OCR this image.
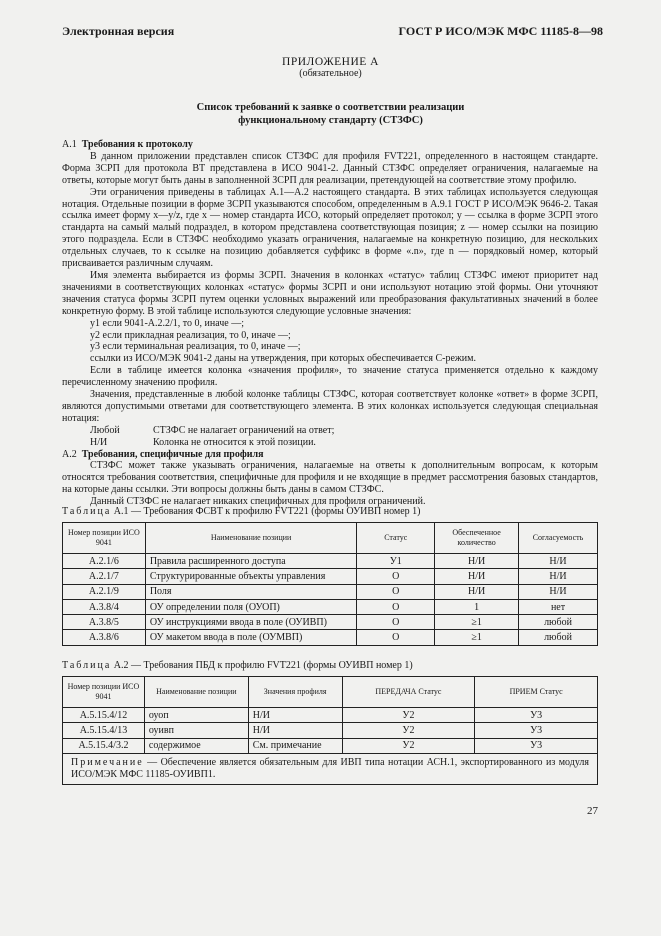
Электронная версия	ГОСТ Р ИСО/МЭК МФС 11185-8—98
ПРИЛОЖЕНИЕ А
(обязательное)
Список требований к заявке о соответствии реализации
функциональному стандарту (СТЗФС)

А.1 Требования к протоколу

В данном приложении представлен список СТЗФС для профиля FVT221, определенного в настоящем стандарте. Форма ЗСРП для протокола ВТ представлена в ИСО 9041-2. Данный СТЗФС определяет ограничения, налагаемые на ответы, которые могут быть даны в заполненной ЗСРП для реализации, претендующей на соответствие этому профилю.

Эти ограничения приведены в таблицах А.1—А.2 настоящего стандарта. В этих таблицах используется следующая нотация. Отдельные позиции в форме ЗСРП указываются способом, определенным в А.9.1 ГОСТ Р ИСО/МЭК 9646-2. Такая ссылка имеет форму x—y/z, где x — номер стандарта ИСО, который определяет протокол; y — ссылка в форме ЗСРП этого стандарта на самый малый подраздел, в котором представлена соответствующая позиция; z — номер ссылки на позицию этого подраздела. Если в СТЗФС необходимо указать ограничения, налагаемые на конкретную позицию, для нескольких отдельных случаев, то к ссылке на позицию добавляется суффикс в форме «.n», где n — порядковый номер, который присваивается различным случаям.

Имя элемента выбирается из формы ЗСРП. Значения в колонках «статус» таблиц СТЗФС имеют приоритет над значениями в соответствующих колонках «статус» формы ЗСРП и они используют нотацию этой формы. Они уточняют значения статуса формы ЗСРП путем оценки условных выражений или преобразования факультативных значений в более конкретную форму. В этой таблице используются следующие условные значения:

y1 если 9041-A.2.2/1, то 0, иначе —;

y2 если прикладная реализация, то 0, иначе —;

y3 если терминальная реализация, то 0, иначе —;

ссылки из ИСО/МЭК 9041-2 даны на утверждения, при которых обеспечивается С-режим.

Если в таблице имеется колонка «значения профиля», то значение статуса применяется отдельно к каждому перечисленному значению профиля.

Значения, представленные в любой колонке таблицы СТЗФС, которая соответствует колонке «ответ» в форме ЗСРП, являются допустимыми ответами для соответствующего элемента. В этих колонках используется следующая специальная нотация:

Любой	СТЗФС не налагает ограничений на ответ;
Н/И	Колонка не относится к этой позиции.

А.2 Требования, специфичные для профиля

СТЗФС может также указывать ограничения, налагаемые на ответы к дополнительным вопросам, к которым относятся требования соответствия, специфичные для профиля и не входящие в предмет рассмотрения базовых стандартов, на которые даны ссылки. Эти вопросы должны быть даны в самом СТЗФС.

Данный СТЗФС не налагает никаких специфичных для профиля ограничений.

Таблица А.1 — Требования ФСВТ к профилю FVT221 (формы ОУИВП номер 1)
Номер позиции ИСО 9041	Наименование позиции	Статус	Обеспеченное количество	Согласуемость
A.2.1/6	Правила расширенного доступа	У1	Н/И	Н/И
A.2.1/7	Структурированные объекты управления	О	Н/И	Н/И
A.2.1/9	Поля	О	Н/И	Н/И
A.3.8/4	ОУ определении поля (ОУОП)	О	1	нет
A.3.8/5	ОУ инструкциями ввода в поле (ОУИВП)	О	≥1	любой
A.3.8/6	ОУ макетом ввода в поле (ОУМВП)	О	≥1	любой
Таблица А.2 — Требования ПБД к профилю FVT221 (формы ОУИВП номер 1)
Номер позиции ИСО 9041	Наименование позиции	Значения профиля	ПЕРЕДАЧА Статус	ПРИЕМ Статус
A.5.15.4/12	оуоп	Н/И	У2	У3
A.5.15.4/13	оуивп	Н/И	У2	У3
A.5.15.4/3.2	содержимое	См. примечание	У2	У3
Примечание — Обеспечение является обязательным для ИВП типа нотации АСН.1, экспортированного из модуля ИСО/МЭК МФС 11185-ОУИВП1.				
27
